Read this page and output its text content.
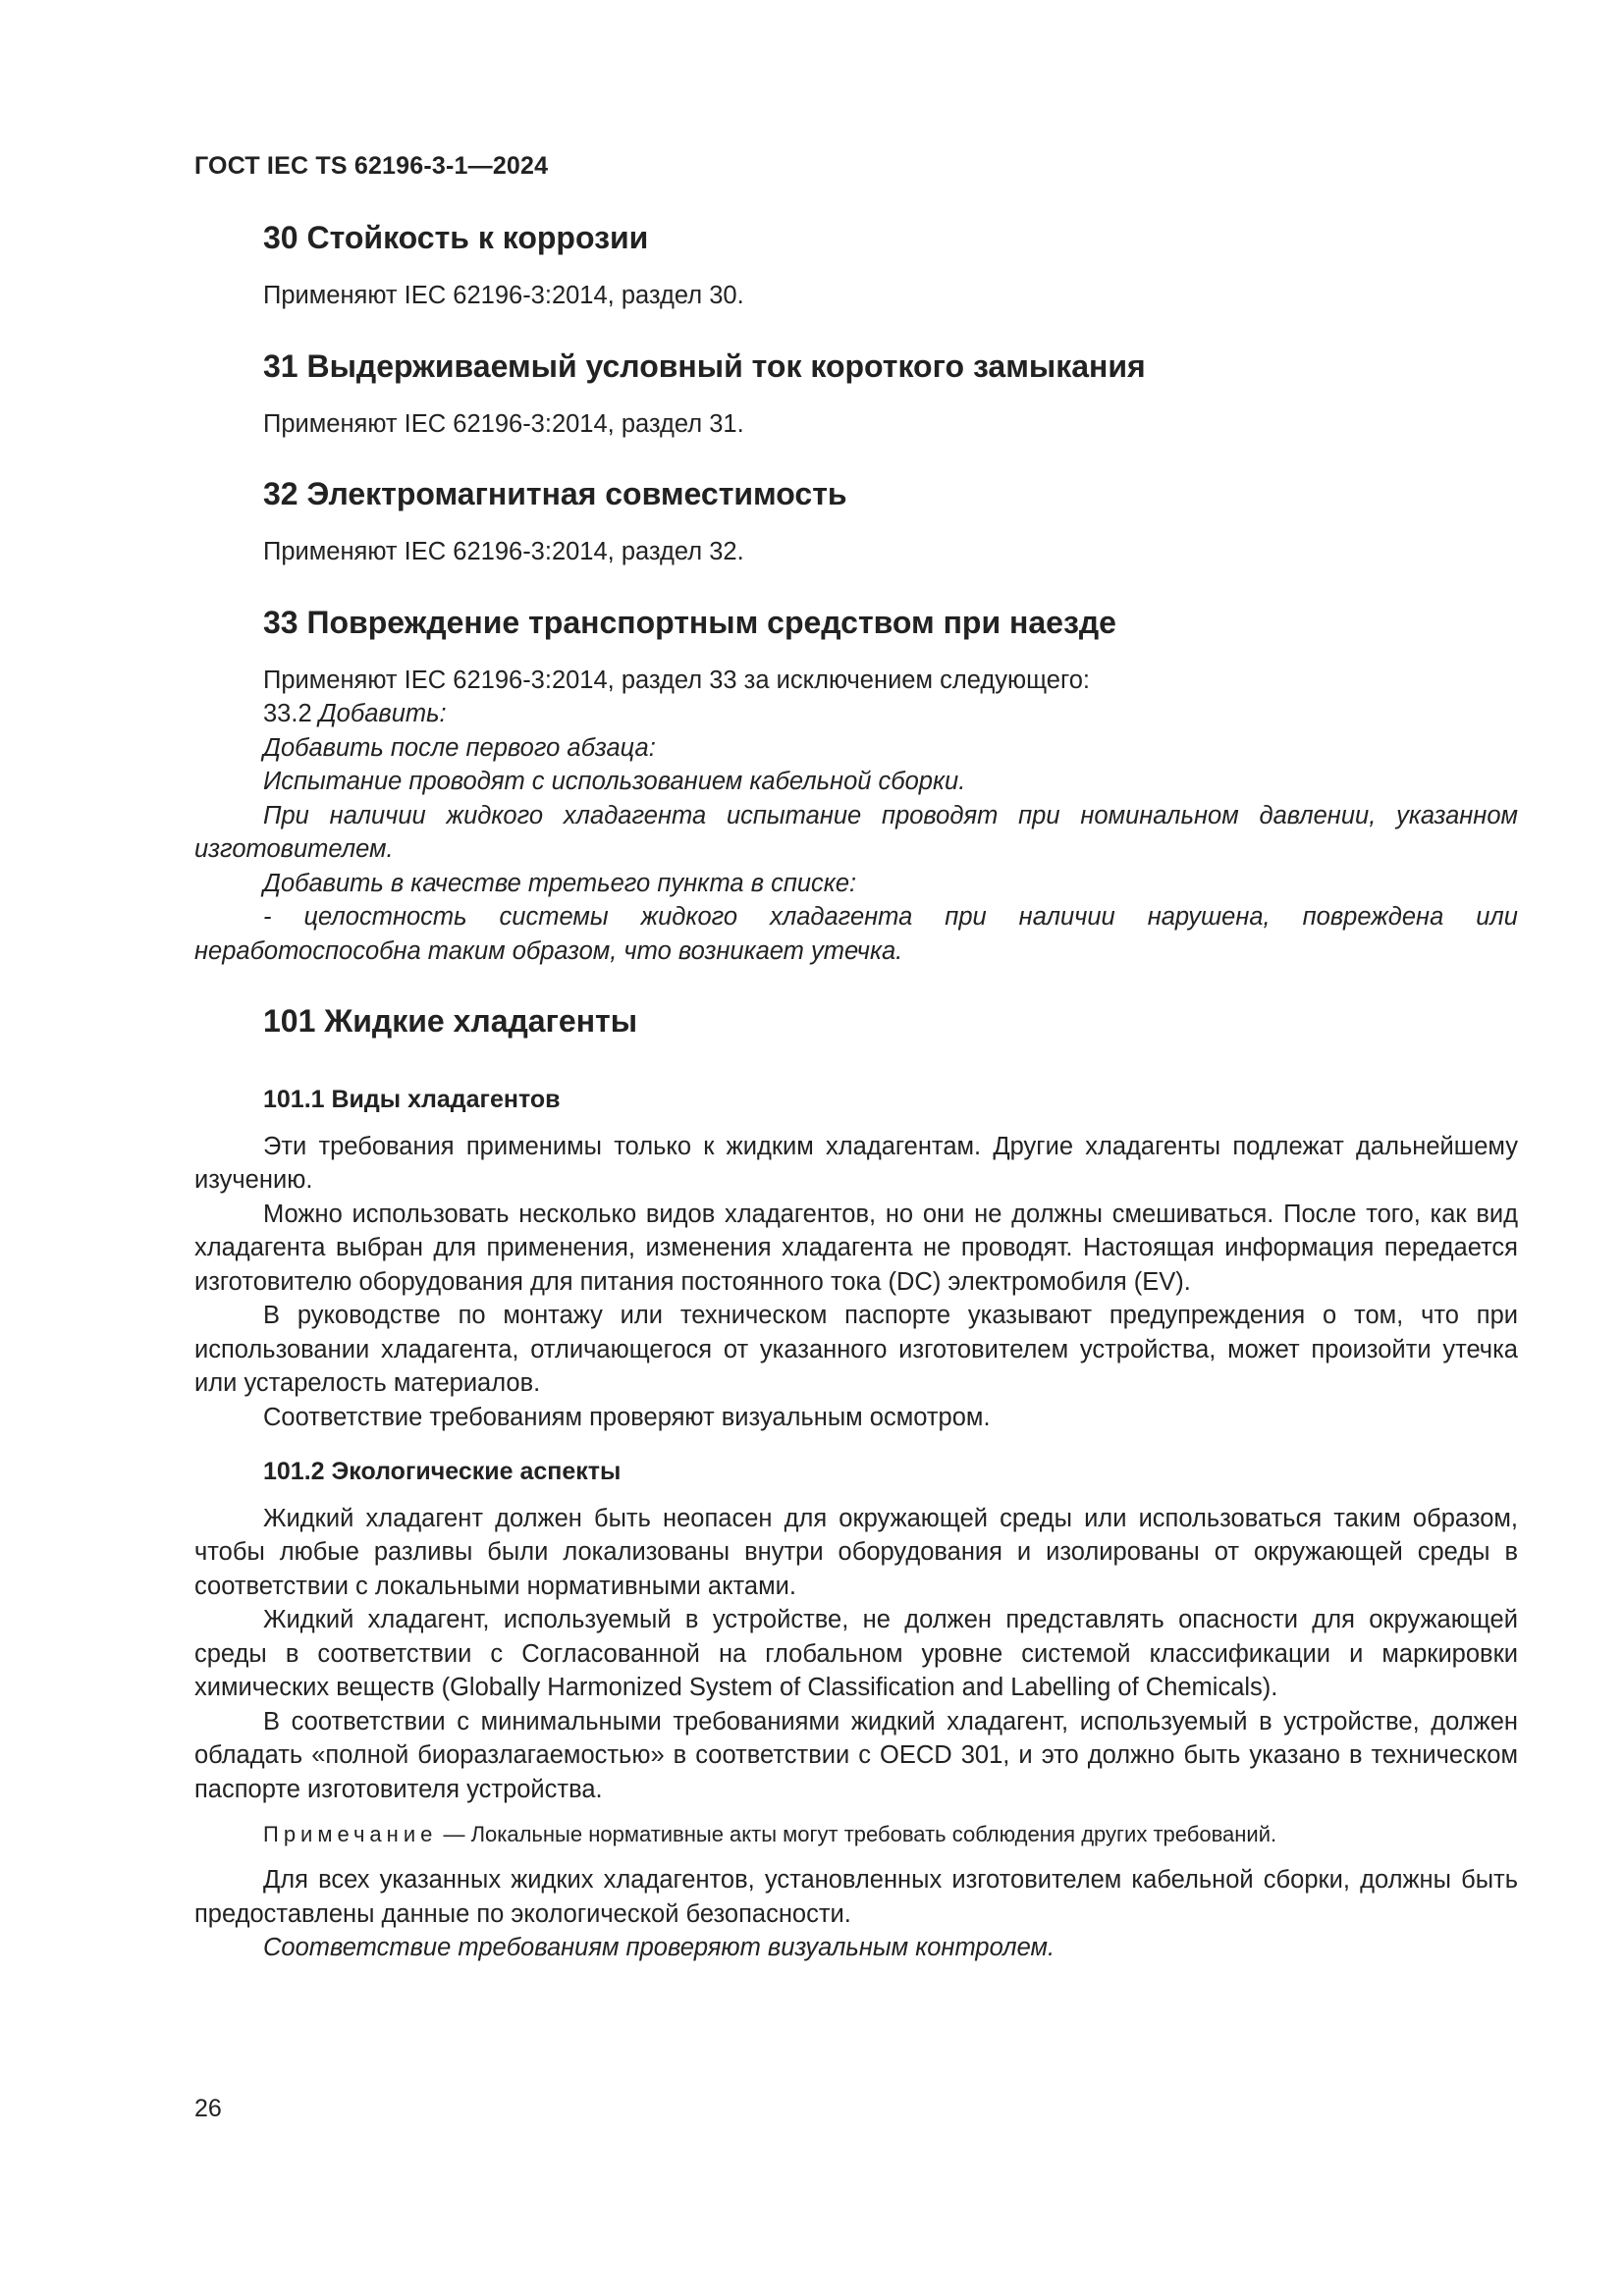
ГОСТ IEC TS 62196-3-1—2024

30 Стойкость к коррозии

Применяют IEC 62196-3:2014, раздел 30.

31 Выдерживаемый условный ток короткого замыкания

Применяют IEC 62196-3:2014, раздел 31.

32 Электромагнитная совместимость

Применяют IEC 62196-3:2014, раздел 32.

33 Повреждение транспортным средством при наезде

Применяют IEC 62196-3:2014, раздел 33 за исключением следующего:

33.2 Добавить:

Добавить после первого абзаца:

Испытание проводят с использованием кабельной сборки.

При наличии жидкого хладагента испытание проводят при номинальном давлении, указанном изготовителем.

Добавить в качестве третьего пункта в списке:

- целостность системы жидкого хладагента при наличии нарушена, повреждена или неработоспособна таким образом, что возникает утечка.

101 Жидкие хладагенты
101.1 Виды хладагентов

Эти требования применимы только к жидким хладагентам. Другие хладагенты подлежат дальнейшему изучению.

Можно использовать несколько видов хладагентов, но они не должны смешиваться. После того, как вид хладагента выбран для применения, изменения хладагента не проводят. Настоящая информация передается изготовителю оборудования для питания постоянного тока (DC) электромобиля (EV).

В руководстве по монтажу или техническом паспорте указывают предупреждения о том, что при использовании хладагента, отличающегося от указанного изготовителем устройства, может произойти утечка или устарелость материалов.

Соответствие требованиям проверяют визуальным осмотром.

101.2 Экологические аспекты

Жидкий хладагент должен быть неопасен для окружающей среды или использоваться таким образом, чтобы любые разливы были локализованы внутри оборудования и изолированы от окружающей среды в соответствии с локальными нормативными актами.

Жидкий хладагент, используемый в устройстве, не должен представлять опасности для окружающей среды в соответствии с Согласованной на глобальном уровне системой классификации и маркировки химических веществ (Globally Harmonized System of Classification and Labelling of Chemicals).

В соответствии с минимальными требованиями жидкий хладагент, используемый в устройстве, должен обладать «полной биоразлагаемостью» в соответствии с OECD 301, и это должно быть указано в техническом паспорте изготовителя устройства.

Примечание — Локальные нормативные акты могут требовать соблюдения других требований.

Для всех указанных жидких хладагентов, установленных изготовителем кабельной сборки, должны быть предоставлены данные по экологической безопасности.

Соответствие требованиям проверяют визуальным контролем.

26
